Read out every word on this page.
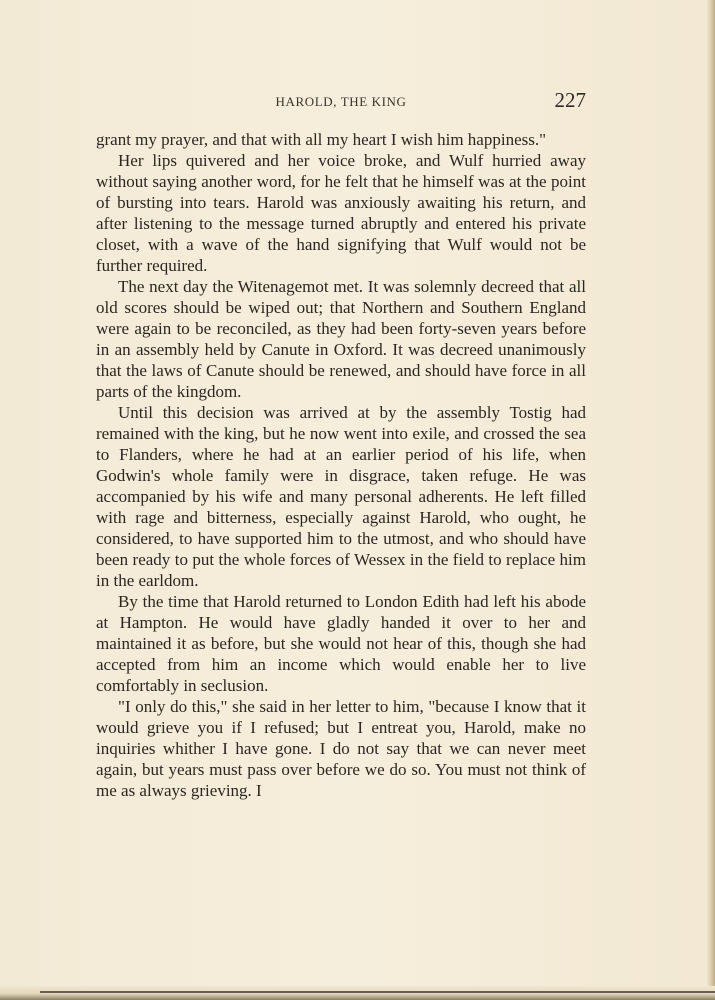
HAROLD, THE KING	227

grant my prayer, and that with all my heart I wish him happiness."

Her lips quivered and her voice broke, and Wulf hurried away without saying another word, for he felt that he himself was at the point of bursting into tears. Harold was anxiously awaiting his return, and after listening to the message turned abruptly and entered his private closet, with a wave of the hand signifying that Wulf would not be further required.

The next day the Witenagemot met. It was solemnly decreed that all old scores should be wiped out; that Northern and Southern England were again to be reconciled, as they had been forty-seven years before in an assembly held by Canute in Oxford. It was decreed unanimously that the laws of Canute should be renewed, and should have force in all parts of the kingdom.

Until this decision was arrived at by the assembly Tostig had remained with the king, but he now went into exile, and crossed the sea to Flanders, where he had at an earlier period of his life, when Godwin's whole family were in disgrace, taken refuge. He was accompanied by his wife and many personal adherents. He left filled with rage and bitterness, especially against Harold, who ought, he considered, to have supported him to the utmost, and who should have been ready to put the whole forces of Wessex in the field to replace him in the earldom.

By the time that Harold returned to London Edith had left his abode at Hampton. He would have gladly handed it over to her and maintained it as before, but she would not hear of this, though she had accepted from him an income which would enable her to live comfortably in seclusion.

"I only do this," she said in her letter to him, "because I know that it would grieve you if I refused; but I entreat you, Harold, make no inquiries whither I have gone. I do not say that we can never meet again, but years must pass over before we do so. You must not think of me as always grieving. I
